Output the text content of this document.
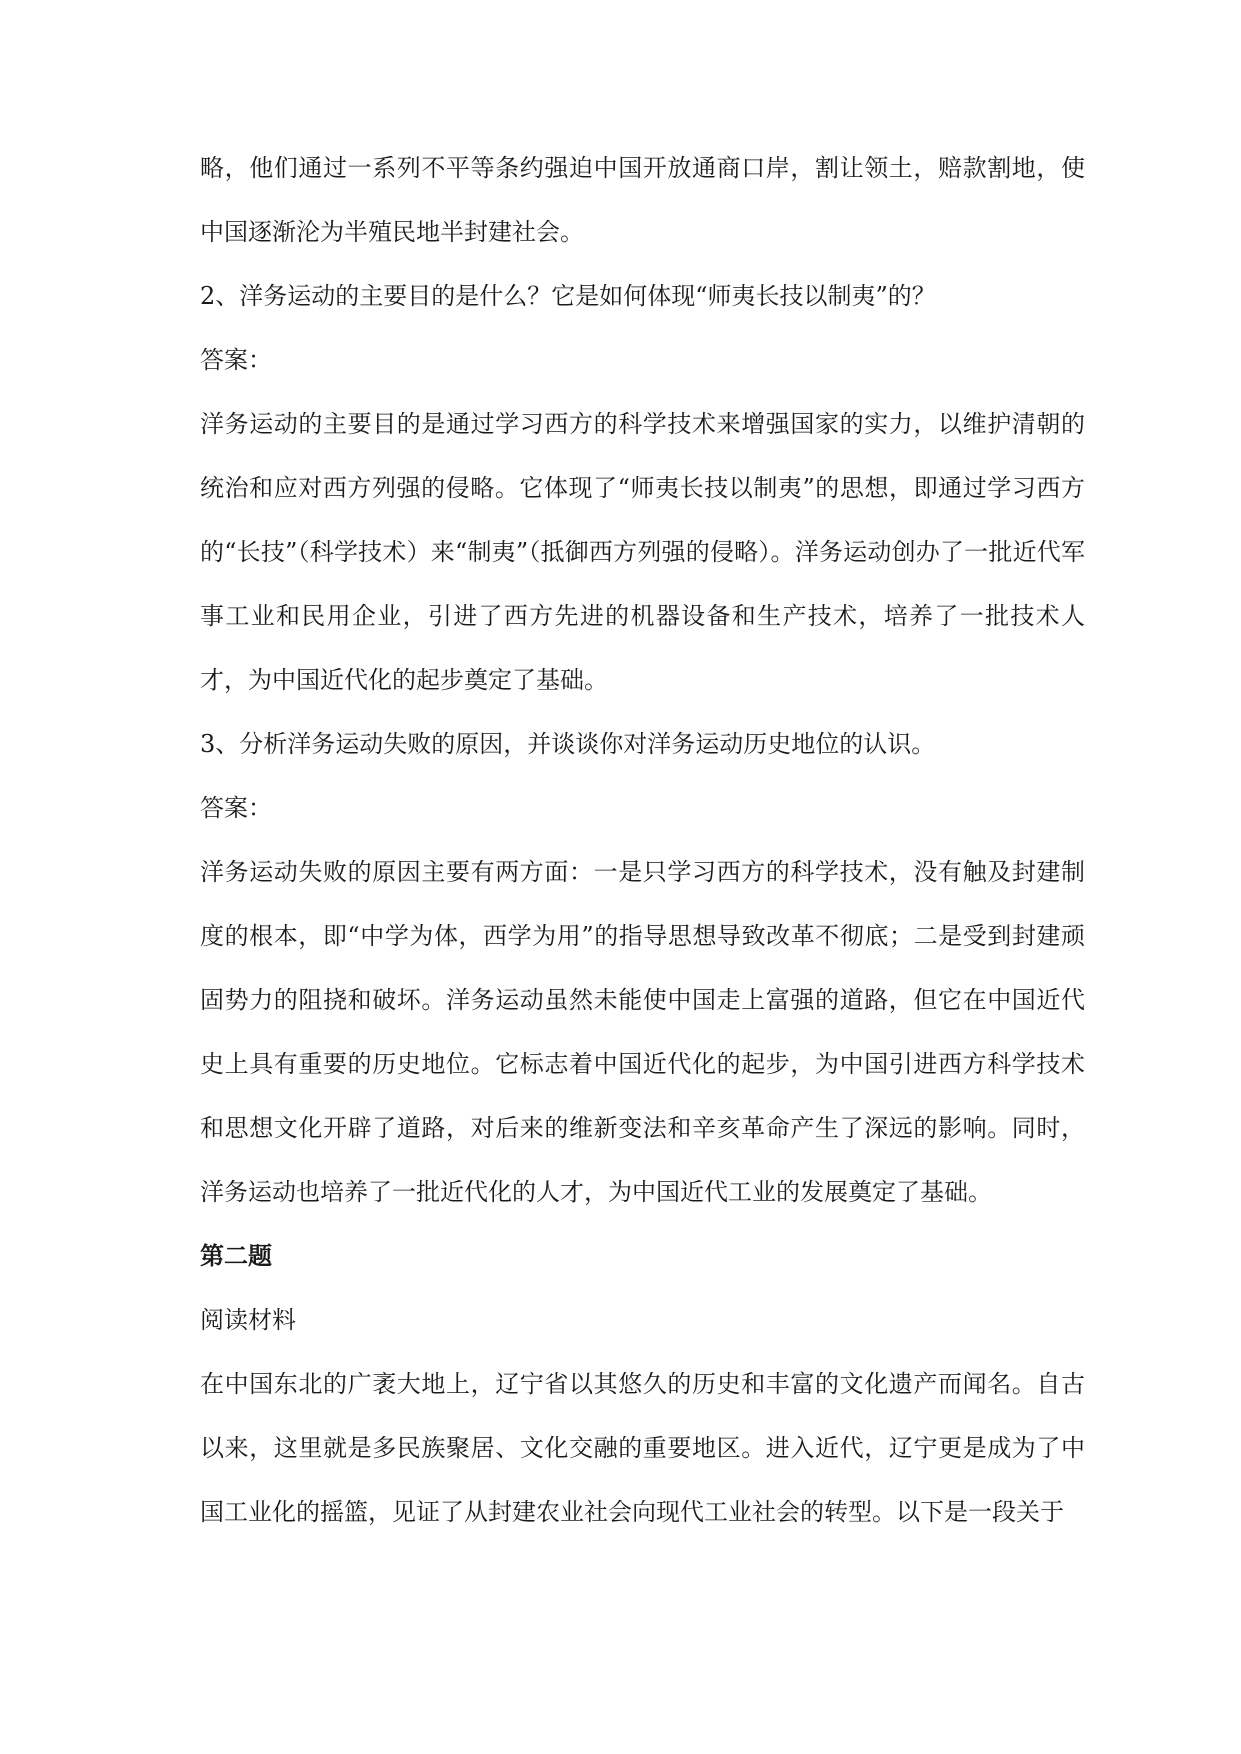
略，他们通过一系列不平等条约强迫中国开放通商口岸，割让领土，赔款割地，使中国逐渐沦为半殖民地半封建社会。

2、洋务运动的主要目的是什么？它是如何体现“师夷长技以制夷”的？

答案：

洋务运动的主要目的是通过学习西方的科学技术来增强国家的实力，以维护清朝的统治和应对西方列强的侵略。它体现了“师夷长技以制夷”的思想，即通过学习西方的“长技”（科学技术）来“制夷”（抵御西方列强的侵略）。洋务运动创办了一批近代军事工业和民用企业，引进了西方先进的机器设备和生产技术，培养了一批技术人才，为中国近代化的起步奠定了基础。

3、分析洋务运动失败的原因，并谈谈你对洋务运动历史地位的认识。

答案：

洋务运动失败的原因主要有两方面：一是只学习西方的科学技术，没有触及封建制度的根本，即“中学为体，西学为用”的指导思想导致改革不彻底；二是受到封建顽固势力的阻挠和破坏。洋务运动虽然未能使中国走上富强的道路，但它在中国近代史上具有重要的历史地位。它标志着中国近代化的起步，为中国引进西方科学技术和思想文化开辟了道路，对后来的维新变法和辛亥革命产生了深远的影响。同时，洋务运动也培养了一批近代化的人才，为中国近代工业的发展奠定了基础。

第二题

阅读材料

在中国东北的广袤大地上，辽宁省以其悠久的历史和丰富的文化遗产而闻名。自古以来，这里就是多民族聚居、文化交融的重要地区。进入近代，辽宁更是成为了中国工业化的摇篮，见证了从封建农业社会向现代工业社会的转型。以下是一段关于
